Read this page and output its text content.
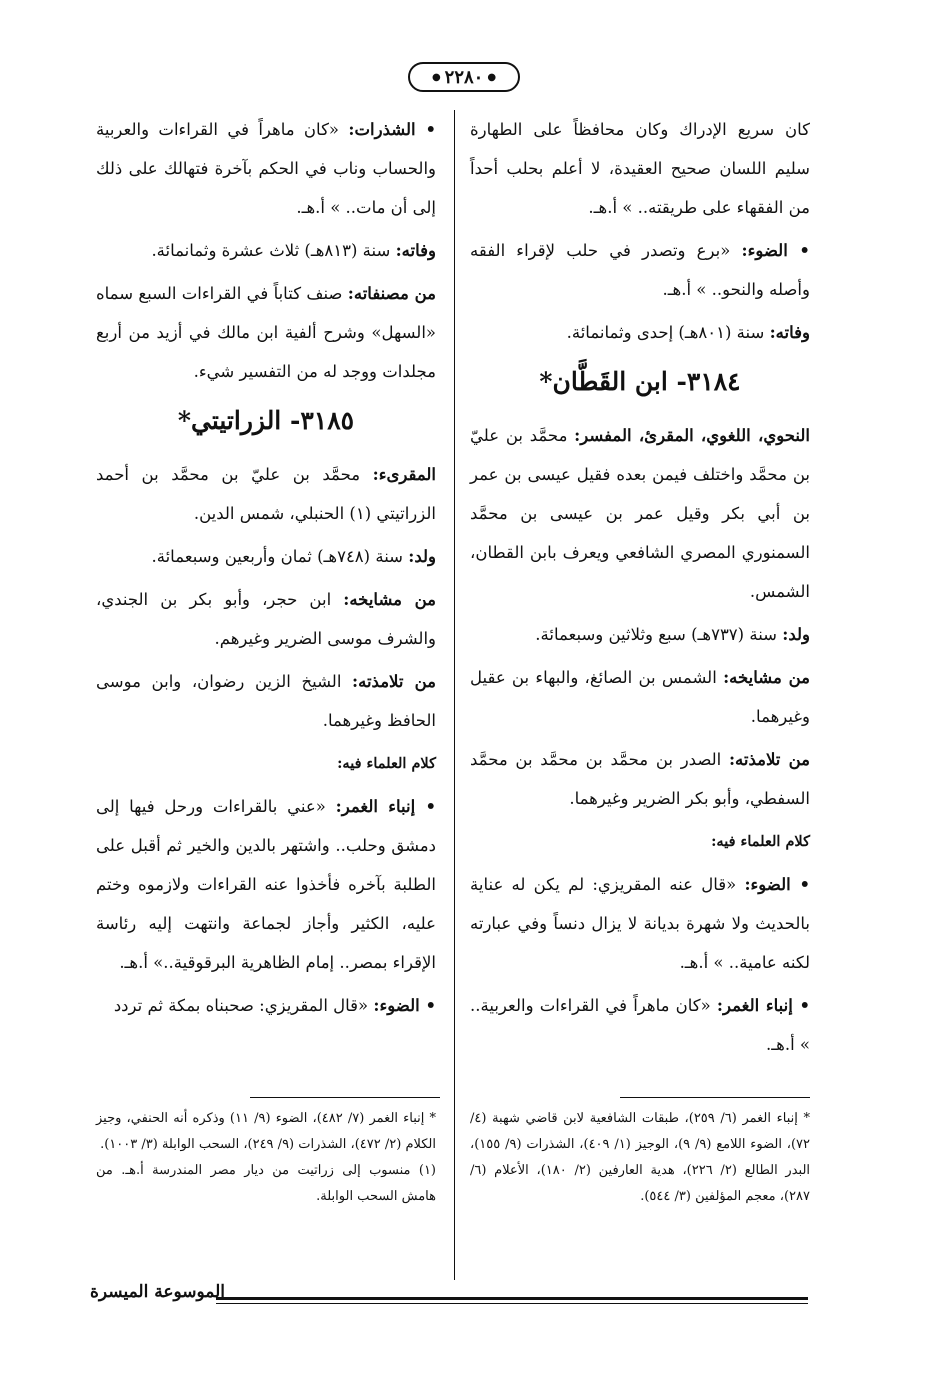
●
٢٢٨٠
●

كان سريع الإدراك وكان محافظاً على الطهارة سليم اللسان صحيح العقيدة، لا أعلم بحلب أحداً من الفقهاء على طريقته.. » أ.هـ.

• الضوء: «برع وتصدر في حلب لإقراء الفقه وأصله والنحو.. » أ.هـ.

وفاته: سنة (٨٠١هـ) إحدى وثمانمائة.

٣١٨٤- ابن القَطَّان*

النحوي، اللغوي، المقرئ، المفسر: محمَّد بن عليّ بن محمَّد واختلف فيمن بعده فقيل عيسى بن عمر بن أبي بكر وقيل عمر بن عيسى بن محمَّد السمنوري المصري الشافعي ويعرف بابن القطان، الشمس.

ولد: سنة (٧٣٧هـ) سبع وثلاثين وسبعمائة.

من مشايخه: الشمس بن الصائغ، والبهاء بن عقيل وغيرهما.

من تلامذته: الصدر بن محمَّد بن محمَّد بن محمَّد السفطي، وأبو بكر الضرير وغيرهما.

كلام العلماء فيه:

• الضوء: «قال عنه المقريزي: لم يكن له عناية بالحديث ولا شهرة بديانة لا يزال دنساً وفي عبارته لكنه عامية.. » أ.هـ.

• إنباء الغمر: «كان ماهراً في القراءات والعربية.. » أ.هـ.

• الشذرات: «كان ماهراً في القراءات والعربية والحساب وناب في الحكم بآخرة فتهالك على ذلك إلى أن مات.. » أ.هـ.

وفاته: سنة (٨١٣هـ) ثلاث عشرة وثمانمائة.

من مصنفاته: صنف كتاباً في القراءات السبع سماه «السهل» وشرح ألفية ابن مالك في أزيد من أربع مجلدات ووجد له من التفسير شيء.

٣١٨٥- الزراتيتي*

المقرىء: محمَّد بن عليّ بن محمَّد بن أحمد الزراتيتي (١) الحنبلي، شمس الدين.

ولد: سنة (٧٤٨هـ) ثمان وأربعين وسبعمائة.

من مشايخه: ابن حجر، وأبو بكر بن الجندي، والشرف موسى الضرير وغيرهم.

من تلامذته: الشيخ الزين رضوان، وابن موسى الحافظ وغيرهما.

كلام العلماء فيه:

• إنباء الغمر: «عني بالقراءات ورحل فيها إلى دمشق وحلب.. واشتهر بالدين والخير ثم أقبل على الطلبة بآخره فأخذوا عنه القراءات ولازموه وختم عليه، الكثير وأجاز لجماعة وانتهت إليه رئاسة الإقراء بمصر.. إمام الظاهرية البرقوقية..» أ.هـ.

• الضوء: «قال المقريزي: صحبناه بمكة ثم تردد

* إنباء الغمر (٦/ ٢٥٩)، طبقات الشافعية لابن قاضي شهبة (٤/ ٧٢)، الضوء اللامع (٩/ ٩)، الوجيز (١/ ٤٠٩)، الشذرات (٩/ ١٥٥)، البدر الطالع (٢/ ٢٢٦)، هدية العارفين (٢/ ١٨٠)، الأعلام (٦/ ٢٨٧)، معجم المؤلفين (٣/ ٥٤٤).

* إنباء الغمر (٧/ ٤٨٢)، الضوء (٩/ ١١) وذكره أنه الحنفي، وجيز الكلام (٢/ ٤٧٢)، الشذرات (٩/ ٢٤٩)، السحب الوابلة (٣/ ١٠٠٣).

(١) منسوب إلى زراتيت من ديار مصر المندرسة أ.هـ. من هامش السحب الوابلة.

الموسوعة الميسرة
